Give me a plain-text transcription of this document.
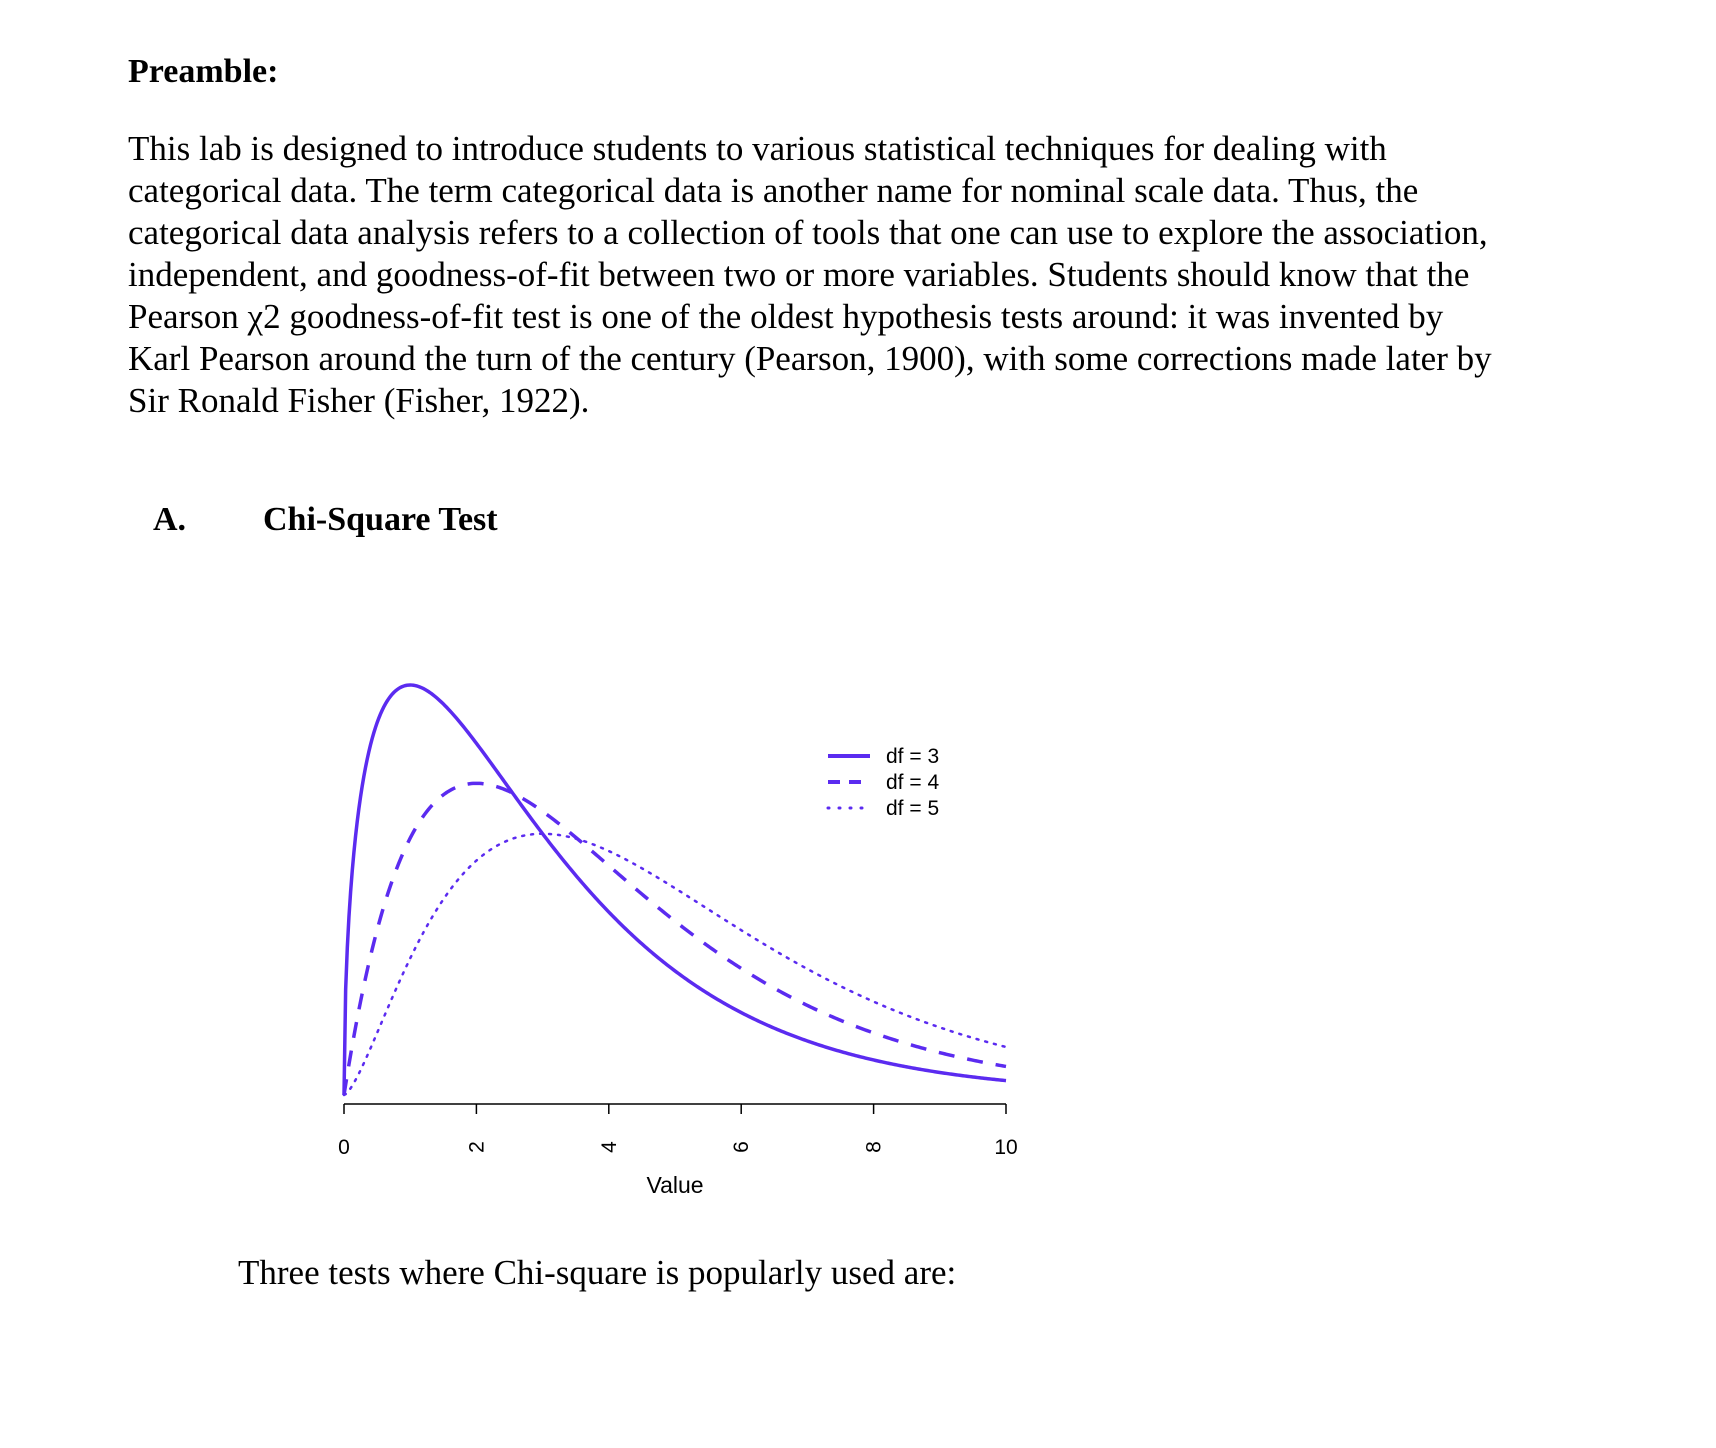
Preamble:

This lab is designed to introduce students to various statistical techniques for dealing with
categorical data. The term categorical data is another name for nominal scale data. Thus, the
categorical data analysis refers to a collection of tools that one can use to explore the association,
independent, and goodness-of-fit between two or more variables. Students should know that the
Pearson χ2 goodness-of-fit test is one of the oldest hypothesis tests around: it was invented by
Karl Pearson around the turn of the century (Pearson, 1900), with some corrections made later by
Sir Ronald Fisher (Fisher, 1922).

A. Chi-Square Test
0	2	4	6	8	10
Value
df = 3
df = 4
df = 5

Three tests where Chi-square is popularly used are:
